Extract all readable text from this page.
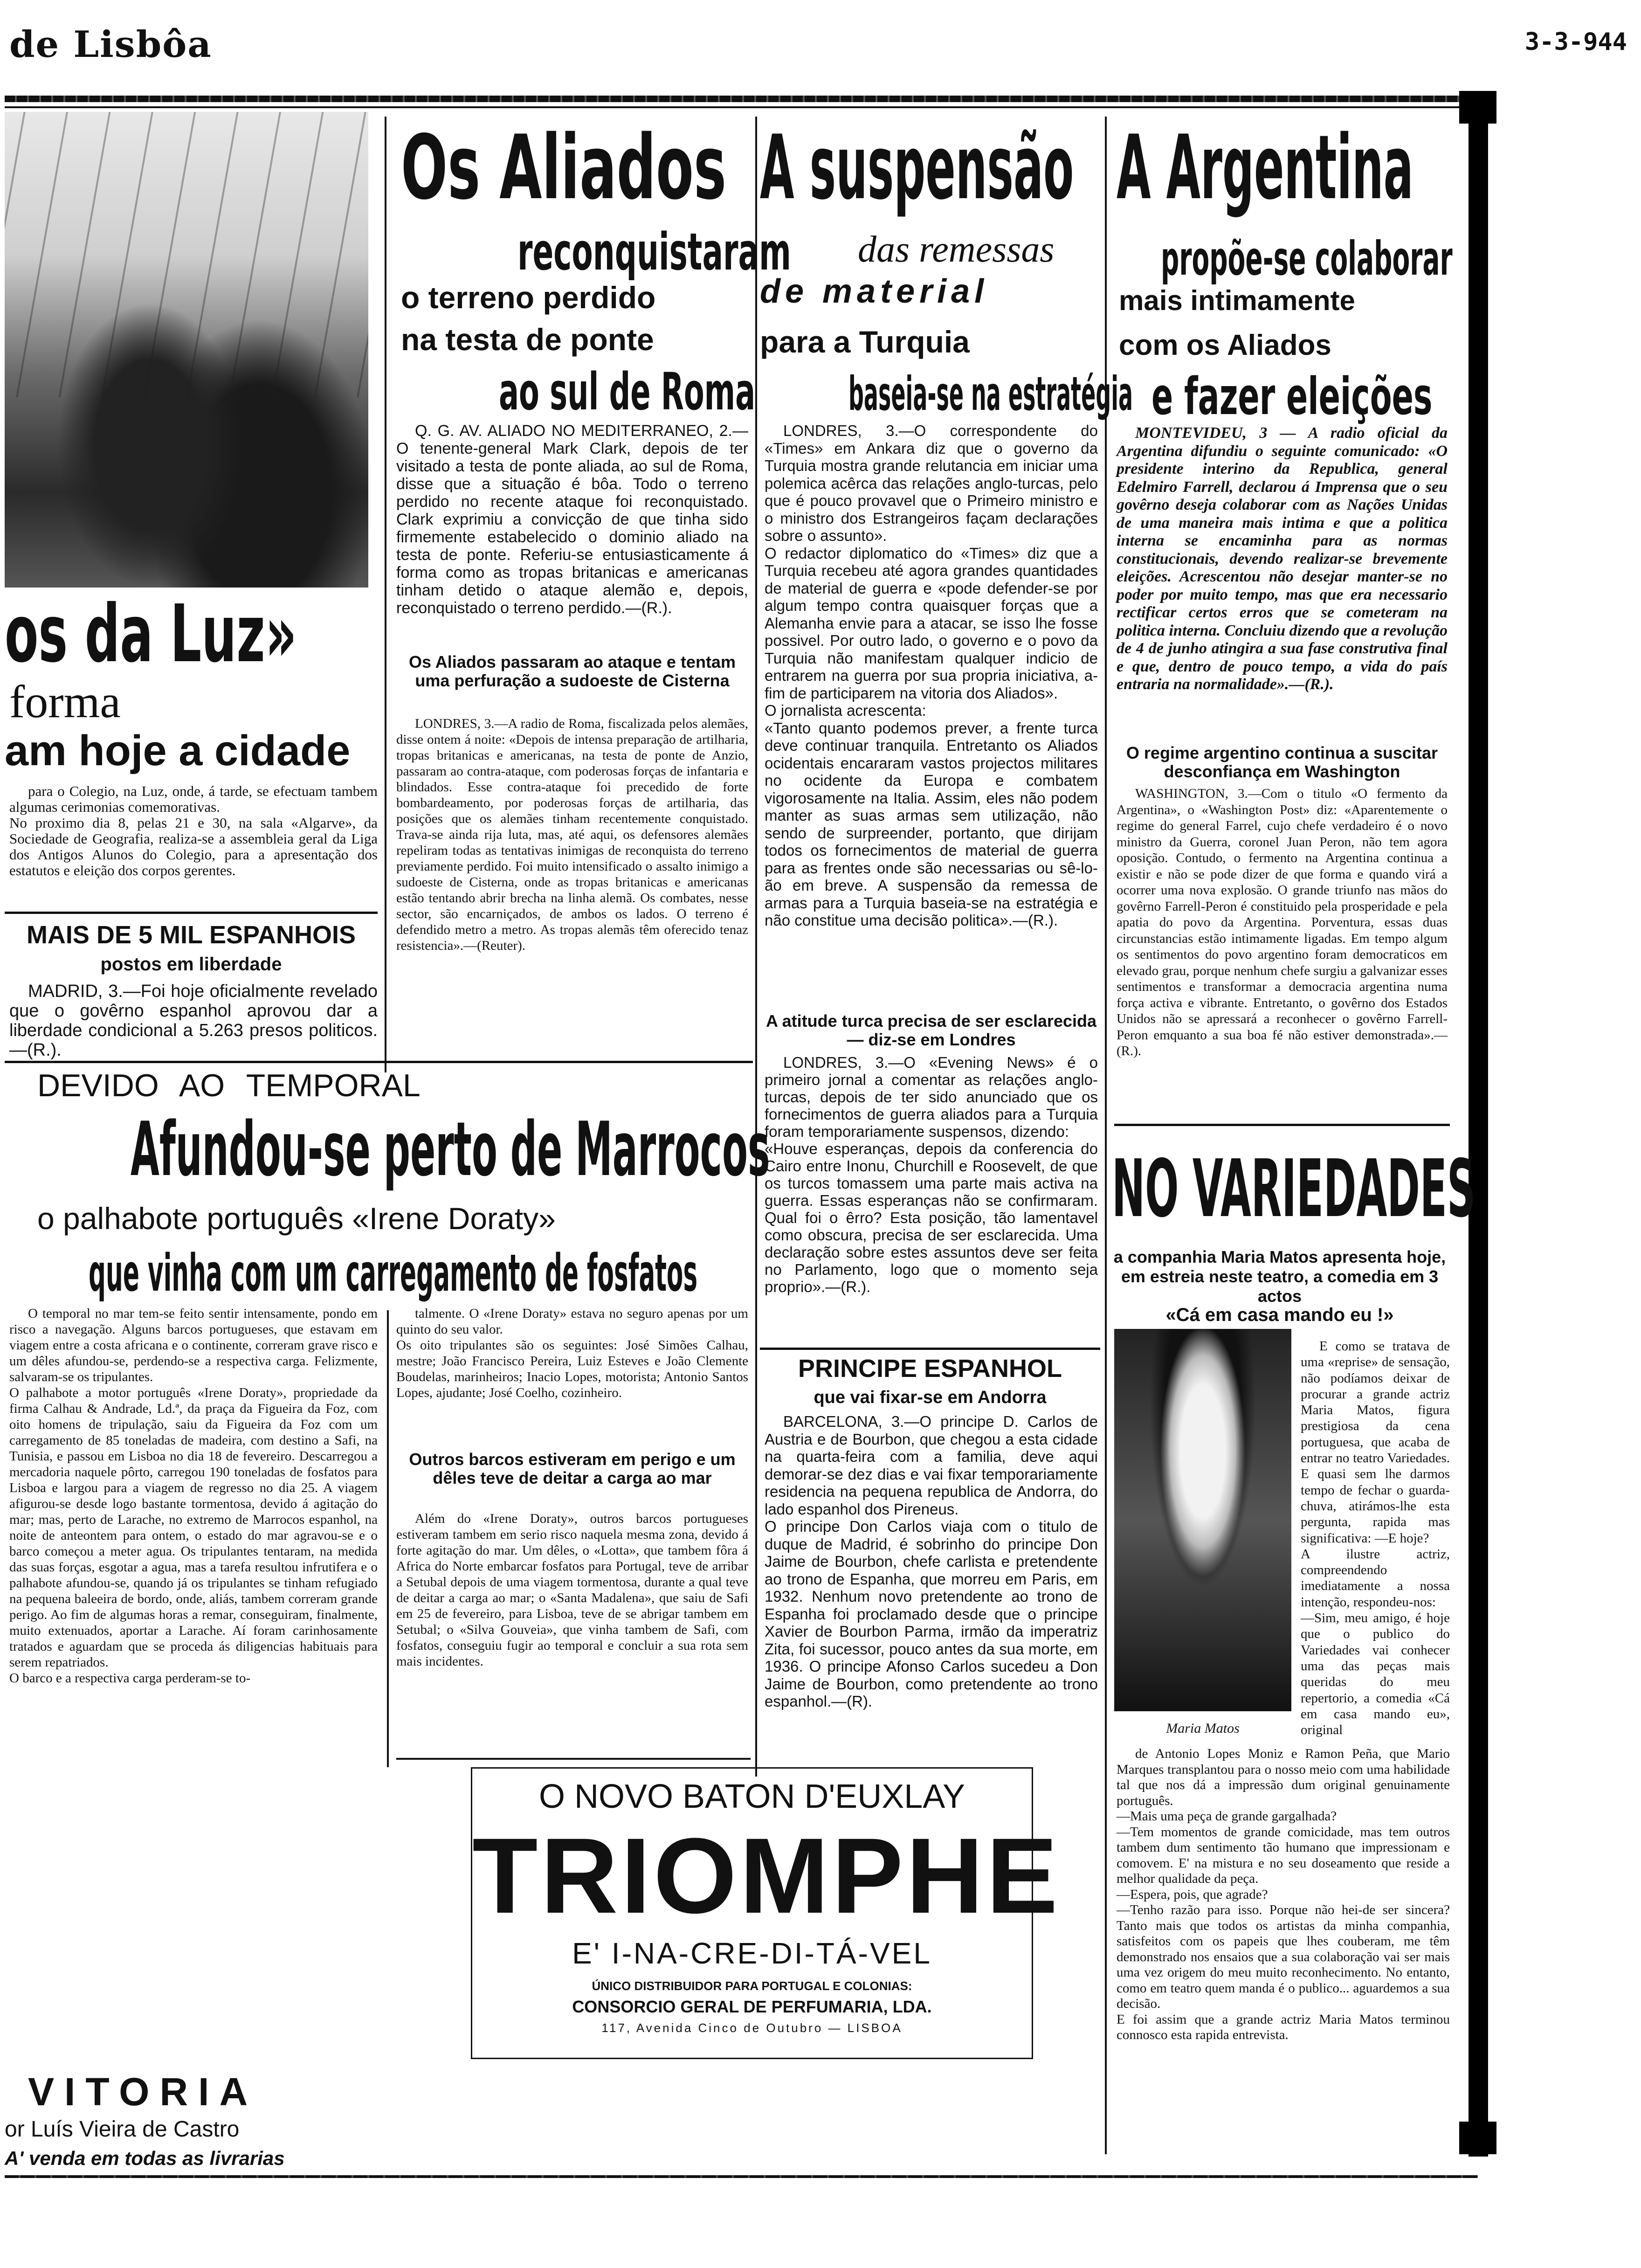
de Lisbôa	3-3-944
os da Luz»
forma
am hoje a cidade

para o Colegio, na Luz, onde, á tarde, se efectuam tambem algumas cerimonias comemorativas.
No proximo dia 8, pelas 21 e 30, na sala «Algarve», da Sociedade de Geografia, realiza-se a assembleia geral da Liga dos Antigos Alunos do Colegio, para a apresentação dos estatutos e eleição dos corpos gerentes.

MAIS DE 5 MIL ESPANHOIS
postos em liberdade

MADRID, 3.—Foi hoje oficialmente revelado que o govêrno espanhol aprovou dar a liberdade condicional a 5.263 presos politicos.—(R.).

Os Aliados
reconquistaram
o terreno perdido
na testa de ponte
ao sul de Roma

Q. G. AV. ALIADO NO MEDITERRANEO, 2.—O tenente-general Mark Clark, depois de ter visitado a testa de ponte aliada, ao sul de Roma, disse que a situação é bôa. Todo o terreno perdido no recente ataque foi reconquistado. Clark exprimiu a convicção de que tinha sido firmemente estabelecido o dominio aliado na testa de ponte. Referiu-se entusiasticamente á forma como as tropas britanicas e americanas tinham detido o ataque alemão e, depois, reconquistado o terreno perdido.—(R.).

Os Aliados passaram ao ataque e tentam uma perfuração a sudoeste de Cisterna

LONDRES, 3.—A radio de Roma, fiscalizada pelos alemães, disse ontem á noite: «Depois de intensa preparação de artilharia, tropas britanicas e americanas, na testa de ponte de Anzio, passaram ao contra-ataque, com poderosas forças de infantaria e blindados. Esse contra-ataque foi precedido de forte bombardeamento, por poderosas forças de artilharia, das posições que os alemães tinham recentemente conquistado. Trava-se ainda rija luta, mas, até aqui, os defensores alemães repeliram todas as tentativas inimigas de reconquista do terreno previamente perdido. Foi muito intensificado o assalto inimigo a sudoeste de Cisterna, onde as tropas britanicas e americanas estão tentando abrir brecha na linha alemã. Os combates, nesse sector, são encarniçados, de ambos os lados. O terreno é defendido metro a metro. As tropas alemãs têm oferecido tenaz resistencia».—(Reuter).

A suspensão
das remessas
de material
para a Turquia
baseia-se na estratégia

LONDRES, 3.—O correspondente do «Times» em Ankara diz que o governo da Turquia mostra grande relutancia em iniciar uma polemica acêrca das relações anglo-turcas, pelo que é pouco provavel que o Primeiro ministro e o ministro dos Estrangeiros façam declarações sobre o assunto».
O redactor diplomatico do «Times» diz que a Turquia recebeu até agora grandes quantidades de material de guerra e «pode defender-se por algum tempo contra quaisquer forças que a Alemanha envie para a atacar, se isso lhe fosse possivel. Por outro lado, o governo e o povo da Turquia não manifestam qualquer indicio de entrarem na guerra por sua propria iniciativa, a-fim de participarem na vitoria dos Aliados».
O jornalista acrescenta:
«Tanto quanto podemos prever, a frente turca deve continuar tranquila. Entretanto os Aliados ocidentais encararam vastos projectos militares no ocidente da Europa e combatem vigorosamente na Italia. Assim, eles não podem manter as suas armas sem utilização, não sendo de surpreender, portanto, que dirijam todos os fornecimentos de material de guerra para as frentes onde são necessarias ou sê-lo-ão em breve. A suspensão da remessa de armas para a Turquia baseia-se na estratégia e não constitue uma decisão politica».—(R.).

A atitude turca precisa de ser esclarecida — diz-se em Londres

LONDRES, 3.—O «Evening News» é o primeiro jornal a comentar as relações anglo-turcas, depois de ter sido anunciado que os fornecimentos de guerra aliados para a Turquia foram temporariamente suspensos, dizendo:
«Houve esperanças, depois da conferencia do Cairo entre Inonu, Churchill e Roosevelt, de que os turcos tomassem uma parte mais activa na guerra. Essas esperanças não se confirmaram. Qual foi o êrro? Esta posição, tão lamentavel como obscura, precisa de ser esclarecida. Uma declaração sobre estes assuntos deve ser feita no Parlamento, logo que o momento seja proprio».—(R.).

A Argentina
propõe-se colaborar
mais intimamente
com os Aliados
e fazer eleições

MONTEVIDEU, 3 — A radio oficial da Argentina difundiu o seguinte comunicado: «O presidente interino da Republica, general Edelmiro Farrell, declarou á Imprensa que o seu govêrno deseja colaborar com as Nações Unidas de uma maneira mais intima e que a politica interna se encaminha para as normas constitucionais, devendo realizar-se brevemente eleições. Acrescentou não desejar manter-se no poder por muito tempo, mas que era necessario rectificar certos erros que se cometeram na politica interna. Concluiu dizendo que a revolução de 4 de junho atingira a sua fase construtiva final e que, dentro de pouco tempo, a vida do país entraria na normalidade».—(R.).

O regime argentino continua a suscitar desconfiança em Washington

WASHINGTON, 3.—Com o titulo «O fermento da Argentina», o «Washington Post» diz: «Aparentemente o regime do general Farrel, cujo chefe verdadeiro é o novo ministro da Guerra, coronel Juan Peron, não tem agora oposição. Contudo, o fermento na Argentina continua a existir e não se pode dizer de que forma e quando virá a ocorrer uma nova explosão. O grande triunfo nas mãos do govêrno Farrell-Peron é constituido pela prosperidade e pela apatia do povo da Argentina. Porventura, essas duas circunstancias estão intimamente ligadas. Em tempo algum os sentimentos do povo argentino foram democraticos em elevado grau, porque nenhum chefe surgiu a galvanizar esses sentimentos e transformar a democracia argentina numa força activa e vibrante. Entretanto, o govêrno dos Estados Unidos não se apressará a reconhecer o govêrno Farrell-Peron emquanto a sua boa fé não estiver demonstrada».—(R.).

DEVIDO AO TEMPORAL
Afundou-se perto de Marrocos
o palhabote português «Irene Doraty»
que vinha com um carregamento de fosfatos

O temporal no mar tem-se feito sentir intensamente, pondo em risco a navegação. Alguns barcos portugueses, que estavam em viagem entre a costa africana e o continente, correram grave risco e um dêles afundou-se, perdendo-se a respectiva carga. Felizmente, salvaram-se os tripulantes.
O palhabote a motor português «Irene Doraty», propriedade da firma Calhau & Andrade, Ld.ª, da praça da Figueira da Foz, com oito homens de tripulação, saiu da Figueira da Foz com um carregamento de 85 toneladas de madeira, com destino a Safi, na Tunisia, e passou em Lisboa no dia 18 de fevereiro. Descarregou a mercadoria naquele pôrto, carregou 190 toneladas de fosfatos para Lisboa e largou para a viagem de regresso no dia 25. A viagem afigurou-se desde logo bastante tormentosa, devido á agitação do mar; mas, perto de Larache, no extremo de Marrocos espanhol, na noite de anteontem para ontem, o estado do mar agravou-se e o barco começou a meter agua. Os tripulantes tentaram, na medida das suas forças, esgotar a agua, mas a tarefa resultou infrutifera e o palhabote afundou-se, quando já os tripulantes se tinham refugiado na pequena baleeira de bordo, onde, aliás, tambem correram grande perigo. Ao fim de algumas horas a remar, conseguiram, finalmente, muito extenuados, aportar a Larache. Aí foram carinhosamente tratados e aguardam que se proceda ás diligencias habituais para serem repatriados.
O barco e a respectiva carga perderam-se to-

talmente. O «Irene Doraty» estava no seguro apenas por um quinto do seu valor.
Os oito tripulantes são os seguintes: José Simões Calhau, mestre; João Francisco Pereira, Luiz Esteves e João Clemente Boudelas, marinheiros; Inacio Lopes, motorista; Antonio Santos Lopes, ajudante; José Coelho, cozinheiro.

Outros barcos estiveram em perigo e um dêles teve de deitar a carga ao mar

Além do «Irene Doraty», outros barcos portugueses estiveram tambem em serio risco naquela mesma zona, devido á forte agitação do mar. Um dêles, o «Lotta», que tambem fôra á Africa do Norte embarcar fosfatos para Portugal, teve de arribar a Setubal depois de uma viagem tormentosa, durante a qual teve de deitar a carga ao mar; o «Santa Madalena», que saiu de Safi em 25 de fevereiro, para Lisboa, teve de se abrigar tambem em Setubal; o «Silva Gouveia», que vinha tambem de Safi, com fosfatos, conseguiu fugir ao temporal e concluir a sua rota sem mais incidentes.

PRINCIPE ESPANHOL
que vai fixar-se em Andorra

BARCELONA, 3.—O principe D. Carlos de Austria e de Bourbon, que chegou a esta cidade na quarta-feira com a familia, deve aqui demorar-se dez dias e vai fixar temporariamente residencia na pequena republica de Andorra, do lado espanhol dos Pireneus.
O principe Don Carlos viaja com o titulo de duque de Madrid, é sobrinho do principe Don Jaime de Bourbon, chefe carlista e pretendente ao trono de Espanha, que morreu em Paris, em 1932. Nenhum novo pretendente ao trono de Espanha foi proclamado desde que o principe Xavier de Bourbon Parma, irmão da imperatriz Zita, foi sucessor, pouco antes da sua morte, em 1936. O principe Afonso Carlos sucedeu a Don Jaime de Bourbon, como pretendente ao trono espanhol.—(R).

NO VARIEDADES
a companhia Maria Matos apresenta hoje, em estreia neste teatro, a comedia em 3 actos
«Cá em casa mando eu !»
Maria Matos

E como se tratava de uma «reprise» de sensação, não podíamos deixar de procurar a grande actriz Maria Matos, figura prestigiosa da cena portuguesa, que acaba de entrar no teatro Variedades. E quasi sem lhe darmos tempo de fechar o guarda-chuva, atirámos-lhe esta pergunta, rapida mas significativa: —E hoje?
A ilustre actriz, compreendendo imediatamente a nossa intenção, respondeu-nos:
—Sim, meu amigo, é hoje que o publico do Variedades vai conhecer uma das peças mais queridas do meu repertorio, a comedia «Cá em casa mando eu», original

de Antonio Lopes Moniz e Ramon Peña, que Mario Marques transplantou para o nosso meio com uma habilidade tal que nos dá a impressão dum original genuinamente português.
—Mais uma peça de grande gargalhada?
—Tem momentos de grande comicidade, mas tem outros tambem dum sentimento tão humano que impressionam e comovem. E' na mistura e no seu doseamento que reside a melhor qualidade da peça.
—Espera, pois, que agrade?
—Tenho razão para isso. Porque não hei-de ser sincera? Tanto mais que todos os artistas da minha companhia, satisfeitos com os papeis que lhes couberam, me têm demonstrado nos ensaios que a sua colaboração vai ser mais uma vez origem do meu muito reconhecimento. No entanto, como em teatro quem manda é o publico... aguardemos a sua decisão.
E foi assim que a grande actriz Maria Matos terminou connosco esta rapida entrevista.

O NOVO BATON D'EUXLAY
TRIOMPHE
E' I-NA-CRE-DI-TÁ-VEL
ÚNICO DISTRIBUIDOR PARA PORTUGAL E COLONIAS:
CONSORCIO GERAL DE PERFUMARIA, LDA.
117, Avenida Cinco de Outubro — LISBOA
VITORIA
or Luís Vieira de Castro
A' venda em todas as livrarias
